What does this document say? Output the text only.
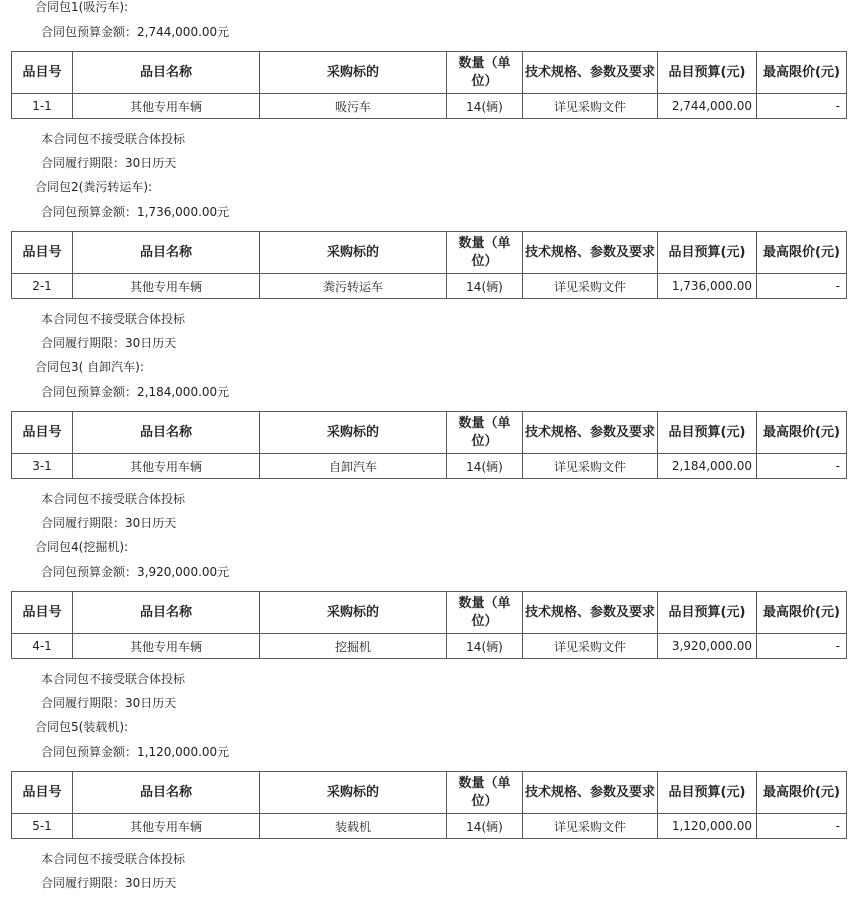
合同包1(吸污车):
合同包预算金额：2,744,000.00元
品目号	品目名称	采购标的	数量（单位）	技术规格、参数及要求	品目预算(元)	最高限价(元)
1-1	其他专用车辆	吸污车	14(辆)	详见采购文件	2,744,000.00	-
本合同包不接受联合体投标
合同履行期限：30日历天
合同包2(粪污转运车):
合同包预算金额：1,736,000.00元
品目号	品目名称	采购标的	数量（单位）	技术规格、参数及要求	品目预算(元)	最高限价(元)
2-1	其他专用车辆	粪污转运车	14(辆)	详见采购文件	1,736,000.00	-
本合同包不接受联合体投标
合同履行期限：30日历天
合同包3( 自卸汽车):
合同包预算金额：2,184,000.00元
品目号	品目名称	采购标的	数量（单位）	技术规格、参数及要求	品目预算(元)	最高限价(元)
3-1	其他专用车辆	自卸汽车	14(辆)	详见采购文件	2,184,000.00	-
本合同包不接受联合体投标
合同履行期限：30日历天
合同包4(挖掘机):
合同包预算金额：3,920,000.00元
品目号	品目名称	采购标的	数量（单位）	技术规格、参数及要求	品目预算(元)	最高限价(元)
4-1	其他专用车辆	挖掘机	14(辆)	详见采购文件	3,920,000.00	-
本合同包不接受联合体投标
合同履行期限：30日历天
合同包5(装载机):
合同包预算金额：1,120,000.00元
品目号	品目名称	采购标的	数量（单位）	技术规格、参数及要求	品目预算(元)	最高限价(元)
5-1	其他专用车辆	装载机	14(辆)	详见采购文件	1,120,000.00	-
本合同包不接受联合体投标
合同履行期限：30日历天
